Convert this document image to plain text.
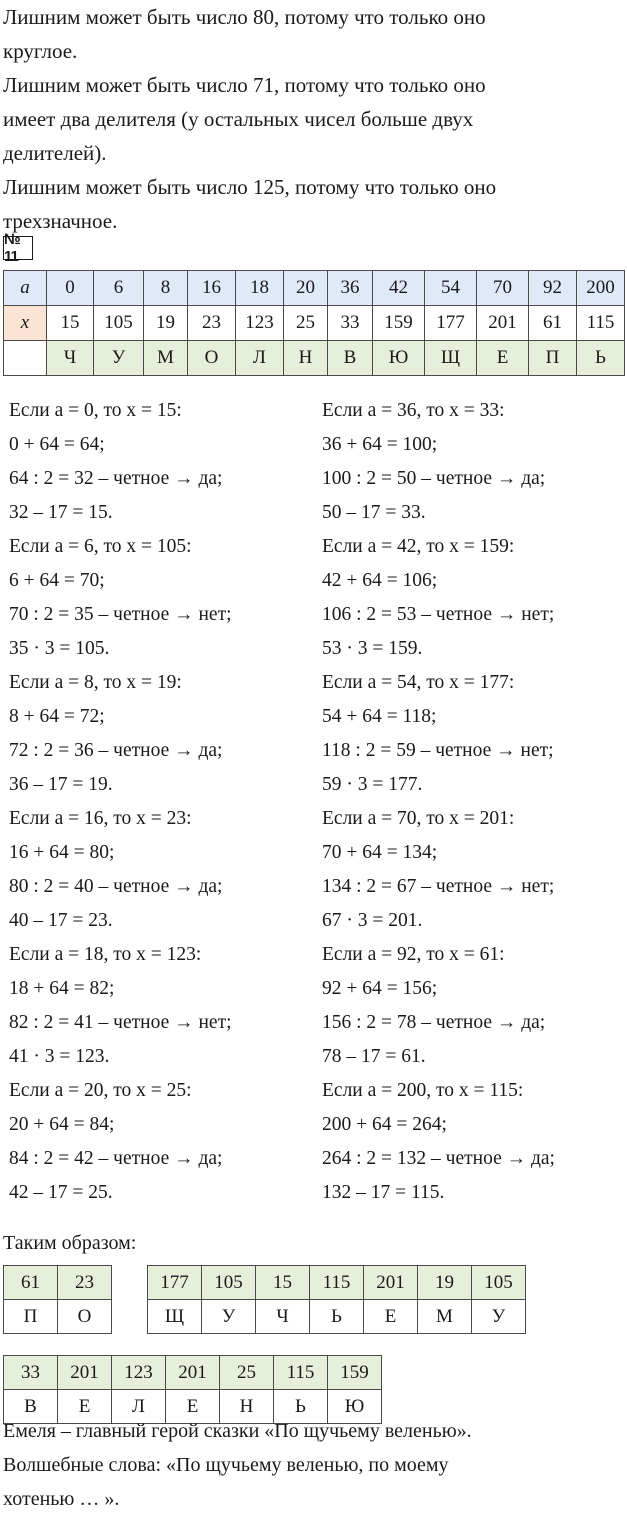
Лишним может быть число 80, потому что только оно

круглое.

Лишним может быть число 71, потому что только оно

имеет два делителя (у остальных чисел больше двух

делителей).

Лишним может быть число 125, потому что только оно

трехзначное.

№ 11
a	0	6	8	16	18	20	36	42	54	70	92	200
x	15	105	19	23	123	25	33	159	177	201	61	115
	Ч	У	М	О	Л	Н	В	Ю	Щ	Е	П	Ь
Если a = 0, то x = 15:
0 + 64 = 64;
64 : 2 = 32 – четное → да;
32 – 17 = 15.
Если a = 6, то x = 105:
6 + 64 = 70;
70 : 2 = 35 – четное → нет;
35 · 3 = 105.
Если a = 8, то x = 19:
8 + 64 = 72;
72 : 2 = 36 – четное → да;
36 – 17 = 19.
Если a = 16, то x = 23:
16 + 64 = 80;
80 : 2 = 40 – четное → да;
40 – 17 = 23.
Если a = 18, то x = 123:
18 + 64 = 82;
82 : 2 = 41 – четное → нет;
41 · 3 = 123.
Если a = 20, то x = 25:
20 + 64 = 84;
84 : 2 = 42 – четное → да;
42 – 17 = 25.
Если a = 36, то x = 33:
36 + 64 = 100;
100 : 2 = 50 – четное → да;
50 – 17 = 33.
Если a = 42, то x = 159:
42 + 64 = 106;
106 : 2 = 53 – четное → нет;
53 · 3 = 159.
Если a = 54, то x = 177:
54 + 64 = 118;
118 : 2 = 59 – четное → нет;
59 · 3 = 177.
Если a = 70, то x = 201:
70 + 64 = 134;
134 : 2 = 67 – четное → нет;
67 · 3 = 201.
Если a = 92, то x = 61:
92 + 64 = 156;
156 : 2 = 78 – четное → да;
78 – 17 = 61.
Если a = 200, то x = 115:
200 + 64 = 264;
264 : 2 = 132 – четное → да;
132 – 17 = 115.
Таким образом:
61	23
П	О
177	105	15	115	201	19	105
Щ	У	Ч	Ь	Е	М	У
33	201	123	201	25	115	159
В	Е	Л	Е	Н	Ь	Ю

Емеля – главный герой сказки «По щучьему веленью».

Волшебные слова: «По щучьему веленью, по моему

хотенью … ».
